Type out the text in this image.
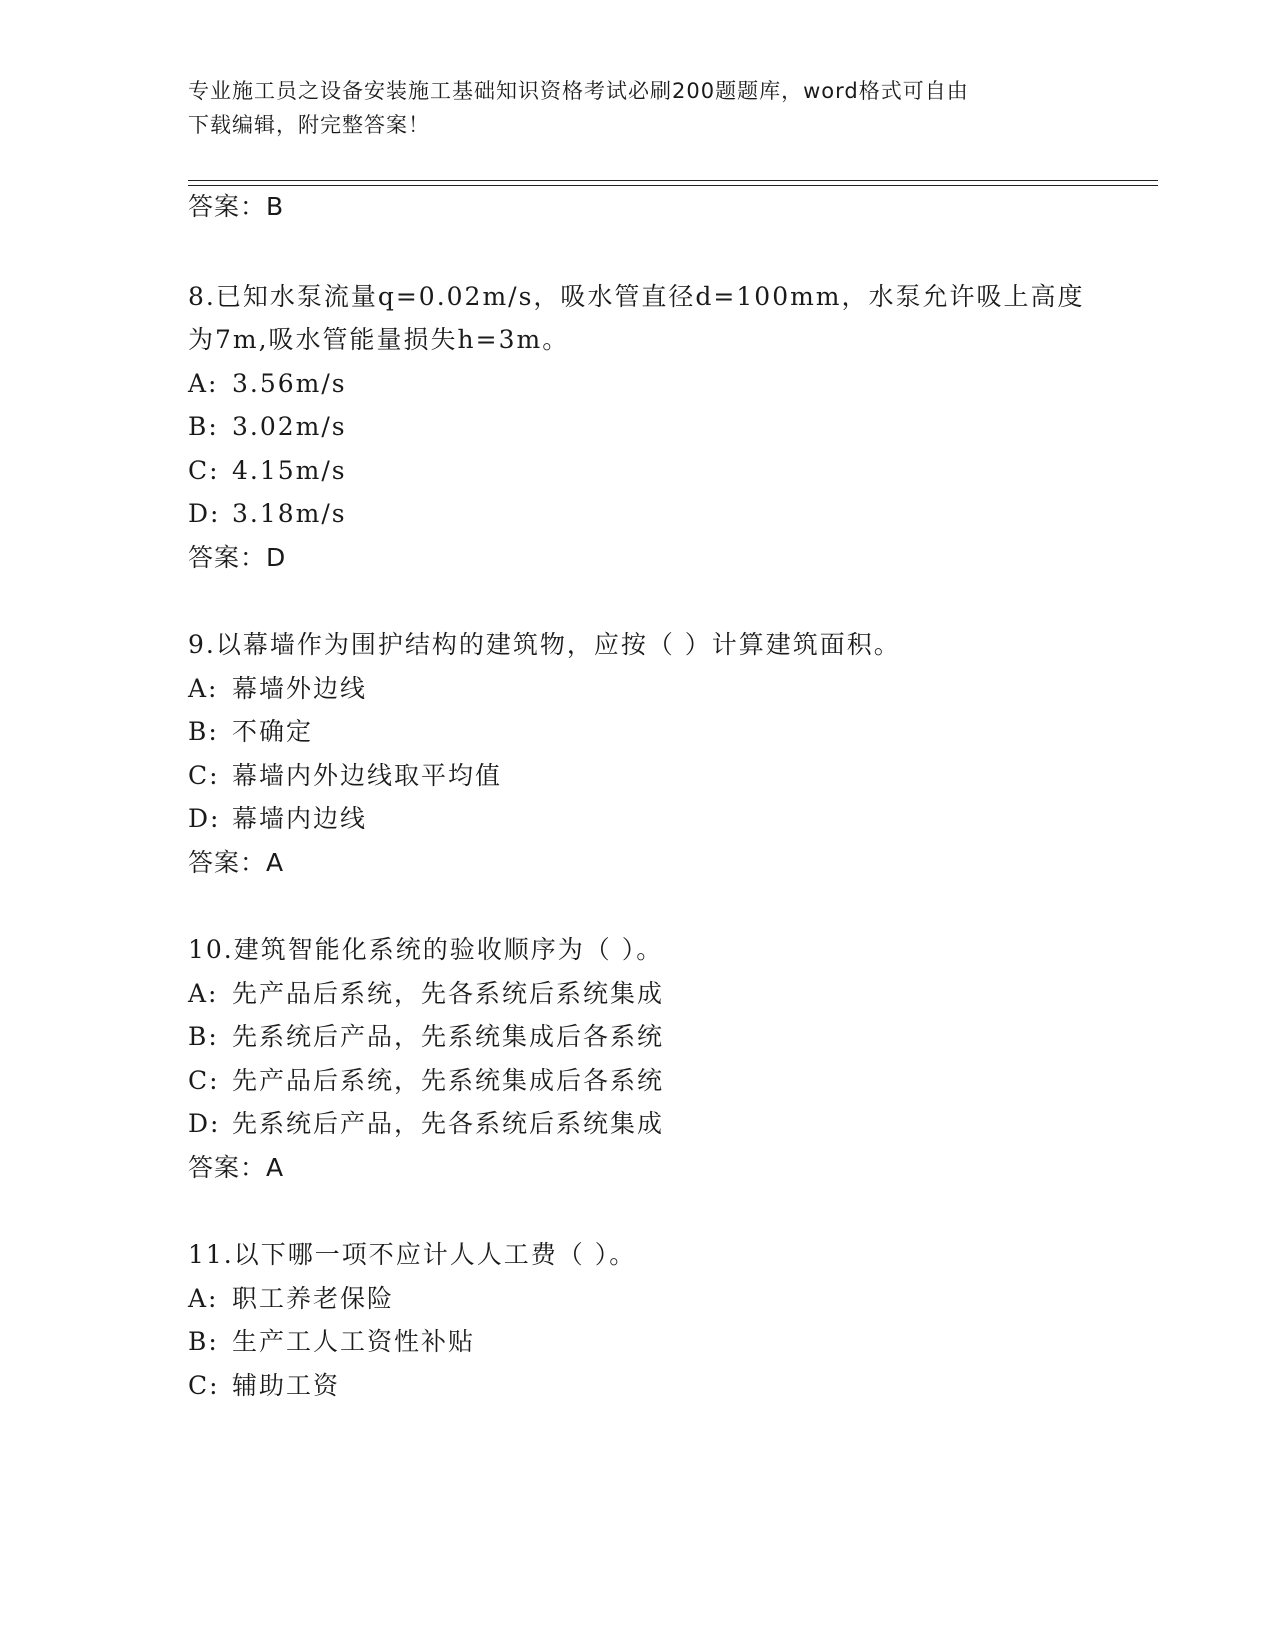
专业施工员之设备安装施工基础知识资格考试必刷200题题库，word格式可自由
下载编辑，附完整答案！
答案：B
8.已知水泵流量q=0.02m/s，吸水管直径d=100mm，水泵允许吸上高度
为7m,吸水管能量损失h=3m。
A: 3.56m/s
B: 3.02m/s
C: 4.15m/s
D: 3.18m/s
答案：D
9.以幕墙作为围护结构的建筑物，应按（ ）计算建筑面积。
A: 幕墙外边线
B: 不确定
C: 幕墙内外边线取平均值
D: 幕墙内边线
答案：A
10.建筑智能化系统的验收顺序为（ ）。
A: 先产品后系统，先各系统后系统集成
B: 先系统后产品，先系统集成后各系统
C: 先产品后系统，先系统集成后各系统
D: 先系统后产品，先各系统后系统集成
答案：A
11.以下哪一项不应计人人工费（ ）。
A: 职工养老保险
B: 生产工人工资性补贴
C: 辅助工资
